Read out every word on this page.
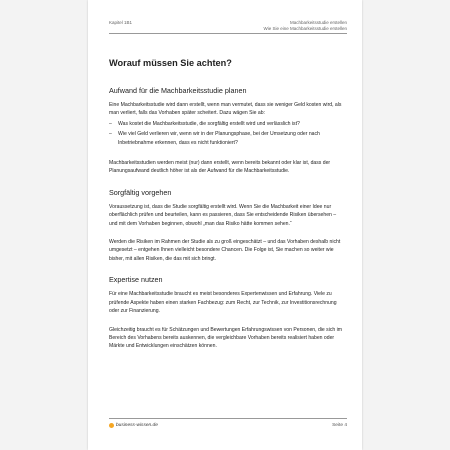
Kapitel 1B1	Machbarkeitsstudie erstellen
Wie Sie eine Machbarkeitsstudie erstellen
Worauf müssen Sie achten?
Aufwand für die Machbarkeitsstudie planen

Eine Machbarkeitsstudie wird dann erstellt, wenn man vermutet, dass sie weniger Geld kosten wird, als man verliert, falls das Vorhaben später scheitert. Dazu wägen Sie ab:

– Was kostet die Machbarkeitsstudie, die sorgfältig erstellt wird und verlässlich ist?
– Wie viel Geld verlieren wir, wenn wir in der Planungsphase, bei der Umsetzung oder nach Inbetriebnahme erkennen, dass es nicht funktioniert?

Machbarkeitsstudien werden meist (nur) dann erstellt, wenn bereits bekannt oder klar ist, dass der Planungsaufwand deutlich höher ist als der Aufwand für die Machbarkeitsstudie.

Sorgfältig vorgehen

Voraussetzung ist, dass die Studie sorgfältig erstellt wird. Wenn Sie die Machbarkeit einer Idee nur oberflächlich prüfen und beurteilen, kann es passieren, dass Sie entscheidende Risiken übersehen – und mit dem Vorhaben beginnen, obwohl „man das Risiko hätte kommen sehen.“

Werden die Risiken im Rahmen der Studie als zu groß eingeschätzt – und das Vorhaben deshalb nicht umgesetzt – entgehen Ihnen vielleicht besondere Chancen. Die Folge ist, Sie machen so weiter wie bisher, mit allen Risiken, die das mit sich bringt.

Expertise nutzen

Für eine Machbarkeitsstudie braucht es meist besonderes Expertenwissen und Erfahrung. Viele zu prüfende Aspekte haben einen starken Fachbezug: zum Recht, zur Technik, zur Investitionsrechnung oder zur Finanzierung.

Gleichzeitig braucht es für Schätzungen und Bewertungen Erfahrungswissen von Personen, die sich im Bereich des Vorhabens bereits auskennen, die vergleichbare Vorhaben bereits realisiert haben oder Märkte und Entwicklungen einschätzen können.

business-wissen.de	Seite 4
